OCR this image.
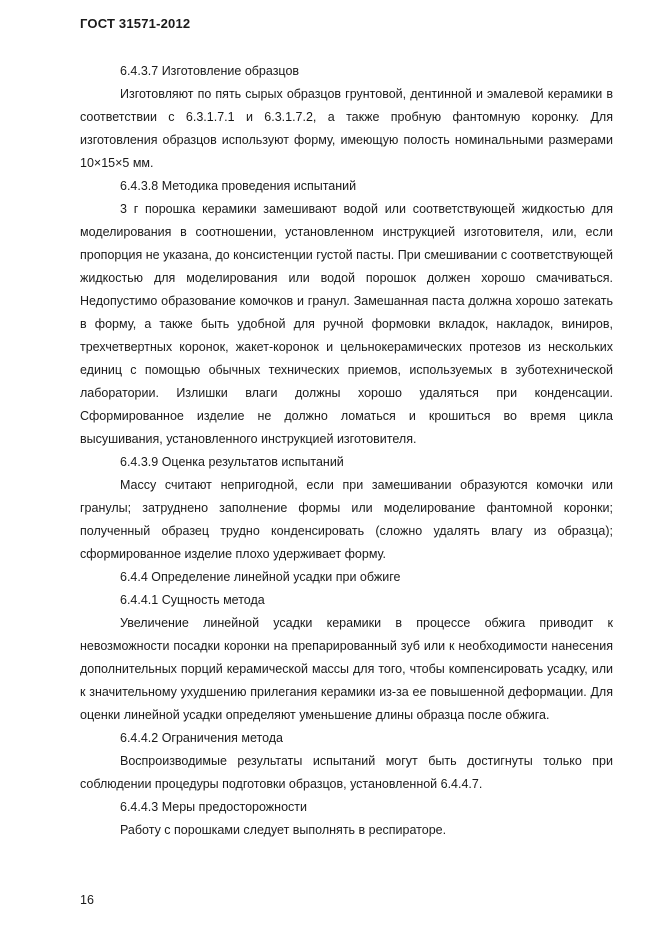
ГОСТ 31571-2012

6.4.3.7 Изготовление образцов

Изготовляют по пять сырых образцов грунтовой, дентинной и эмалевой керамики в соответствии с 6.3.1.7.1 и 6.3.1.7.2, а также пробную фантомную коронку. Для изготовления образцов используют форму, имеющую полость номинальными размерами 10×15×5 мм.

6.4.3.8 Методика проведения испытаний

3 г порошка керамики замешивают водой или соответствующей жидкостью для моделирования в соотношении, установленном инструкцией изготовителя, или, если пропорция не указана, до консистенции густой пасты. При смешивании с соответствующей жидкостью для моделирования или водой порошок должен хорошо смачиваться. Недопустимо образование комочков и гранул. Замешанная паста должна хорошо затекать в форму, а также быть удобной для ручной формовки вкладок, накладок, виниров, трехчетвертных коронок, жакет-коронок и цельнокерамических протезов из нескольких единиц с помощью обычных технических приемов, используемых в зуботехнической лаборатории. Излишки влаги должны хорошо удаляться при конденсации. Сформированное изделие не должно ломаться и крошиться во время цикла высушивания, установленного инструкцией изготовителя.

6.4.3.9 Оценка результатов испытаний

Массу считают непригодной, если при замешивании образуются комочки или гранулы; затруднено заполнение формы или моделирование фантомной коронки; полученный образец трудно конденсировать (сложно удалять влагу из образца); сформированное изделие плохо удерживает форму.

6.4.4 Определение линейной усадки при обжиге

6.4.4.1 Сущность метода

Увеличение линейной усадки керамики в процессе обжига приводит к невозможности посадки коронки на препарированный зуб или к необходимости нанесения дополнительных порций керамической массы для того, чтобы компенсировать усадку, или к значительному ухудшению прилегания керамики из-за ее повышенной деформации. Для оценки линейной усадки определяют уменьшение длины образца после обжига.

6.4.4.2 Ограничения метода

Воспроизводимые результаты испытаний могут быть достигнуты только при соблюдении процедуры подготовки образцов, установленной 6.4.4.7.

6.4.4.3 Меры предосторожности

Работу с порошками следует выполнять в респираторе.

16
